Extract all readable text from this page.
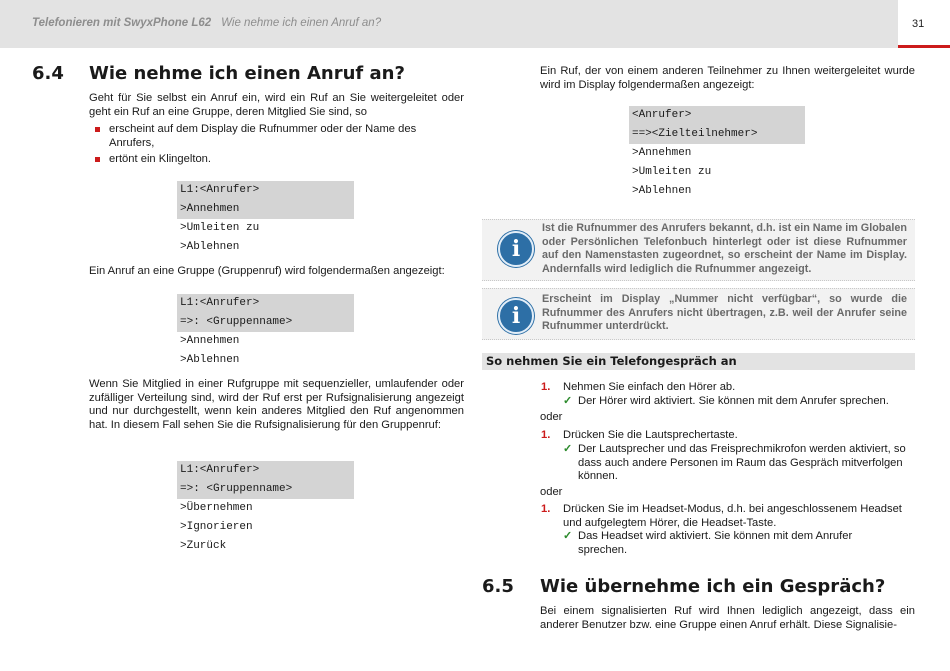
Telefonieren mit SwyxPhone L62 Wie nehme ich einen Anruf an?	31
6.4 Wie nehme ich einen Anruf an?
Geht für Sie selbst ein Anruf ein, wird ein Ruf an Sie weitergeleitet oder geht ein Ruf an eine Gruppe, deren Mitglied Sie sind, so
erscheint auf dem Display die Rufnummer oder der Name des Anrufers,
ertönt ein Klingelton.
L1:<Anrufer>
>Annehmen
>Umleiten zu
>Ablehnen
Ein Anruf an eine Gruppe (Gruppenruf) wird folgendermaßen angezeigt:
L1:<Anrufer>
=>: <Gruppenname>
>Annehmen
>Ablehnen
Wenn Sie Mitglied in einer Rufgruppe mit sequenzieller, umlaufender oder zufälliger Verteilung sind, wird der Ruf erst per Rufsignalisierung angezeigt und nur durchgestellt, wenn kein anderes Mitglied den Ruf angenommen hat. In diesem Fall sehen Sie die Rufsignalisierung für den Gruppenruf:
L1:<Anrufer>
=>: <Gruppenname>
>Übernehmen
>Ignorieren
>Zurück
Ein Ruf, der von einem anderen Teilnehmer zu Ihnen weitergeleitet wurde wird im Display folgendermaßen angezeigt:
<Anrufer>
==><Zielteilnehmer>
>Annehmen
>Umleiten zu
>Ablehnen
i
Ist die Rufnummer des Anrufers bekannt, d.h. ist ein Name im Globalen oder Persönlichen Telefonbuch hinterlegt oder ist diese Rufnummer auf den Namenstasten zugeordnet, so erscheint der Name im Display. Andernfalls wird lediglich die Rufnummer angezeigt.
i
Erscheint im Display „Nummer nicht verfügbar“, so wurde die Rufnummer des Anrufers nicht übertragen, z.B. weil der Anrufer seine Rufnummer unterdrückt.
So nehmen Sie ein Telefongespräch an
1. Nehmen Sie einfach den Hörer ab.
✓ Der Hörer wird aktiviert. Sie können mit dem Anrufer sprechen.
oder
1. Drücken Sie die Lautsprechertaste.
✓ Der Lautsprecher und das Freisprechmikrofon werden aktiviert, so dass auch andere Personen im Raum das Gespräch mitverfolgen können.
oder
1. Drücken Sie im Headset-Modus, d.h. bei angeschlossenem Headset und aufgelegtem Hörer, die Headset-Taste.
✓ Das Headset wird aktiviert. Sie können mit dem Anrufer sprechen.
6.5 Wie übernehme ich ein Gespräch?
Bei einem signalisierten Ruf wird Ihnen lediglich angezeigt, dass ein anderer Benutzer bzw. eine Gruppe einen Anruf erhält. Diese Signalisie-
